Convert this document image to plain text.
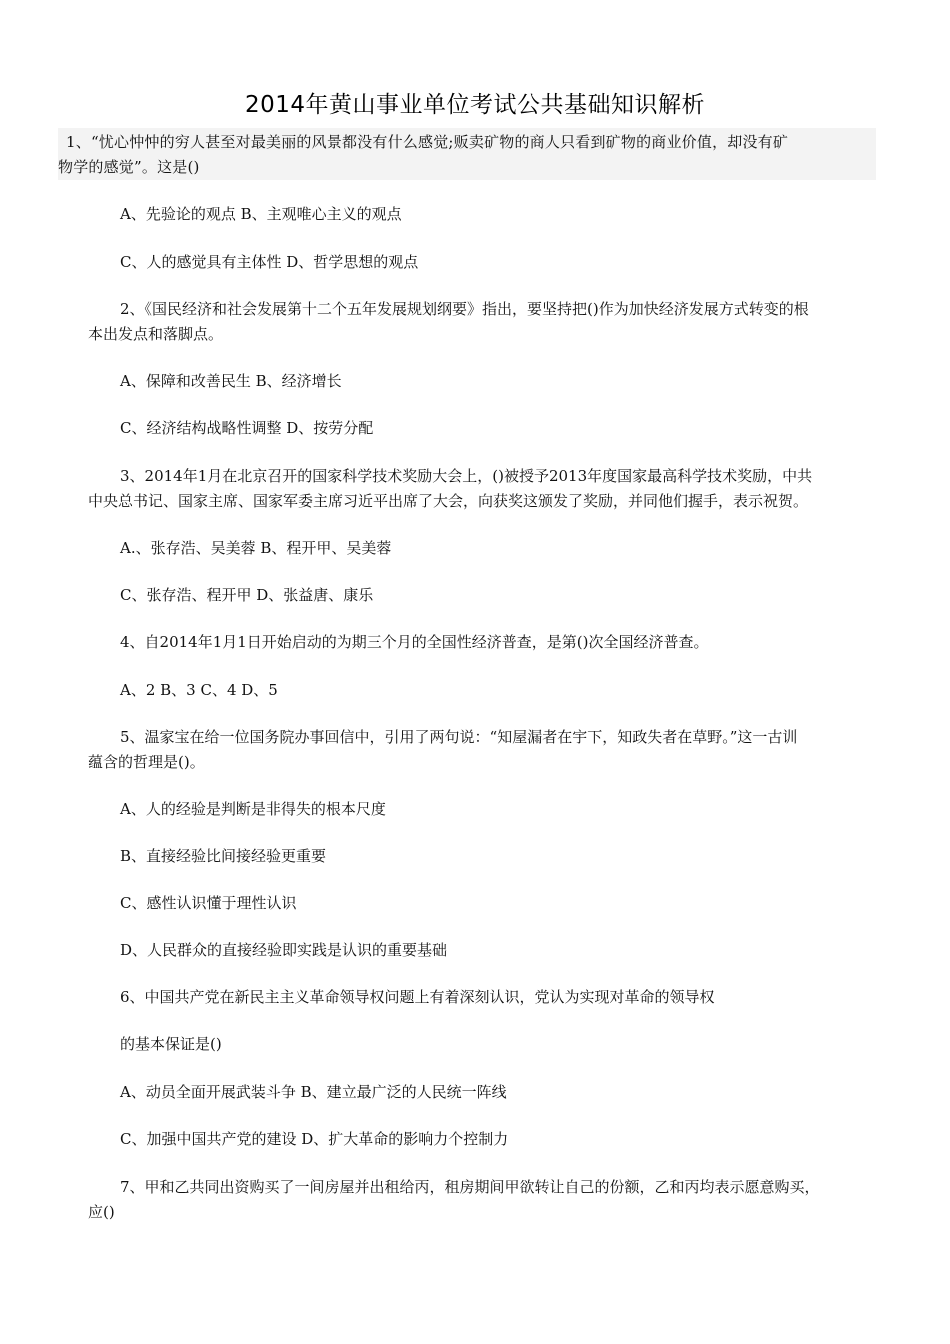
2014年黄山事业单位考试公共基础知识解析
1、“忧心忡忡的穷人甚至对最美丽的风景都没有什么感觉;贩卖矿物的商人只看到矿物的商业价值，却没有矿
物学的感觉”。这是()
A、先验论的观点 B、主观唯心主义的观点
C、人的感觉具有主体性 D、哲学思想的观点
2、《国民经济和社会发展第十二个五年发展规划纲要》指出，要坚持把()作为加快经济发展方式转变的根
本出发点和落脚点。
A、保障和改善民生 B、经济增长
C、经济结构战略性调整 D、按劳分配
3、2014年1月在北京召开的国家科学技术奖励大会上，()被授予2013年度国家最高科学技术奖励，中共
中央总书记、国家主席、国家军委主席习近平出席了大会，向获奖这颁发了奖励，并同他们握手，表示祝贺。
A.、张存浩、吴美蓉 B、程开甲、吴美蓉
C、张存浩、程开甲 D、张益唐、康乐
4、自2014年1月1日开始启动的为期三个月的全国性经济普查，是第()次全国经济普查。
A、2 B、3 C、4 D、5
5、温家宝在给一位国务院办事回信中，引用了两句说：“知屋漏者在宇下，知政失者在草野。”这一古训
蕴含的哲理是()。
A、人的经验是判断是非得失的根本尺度
B、直接经验比间接经验更重要
C、感性认识懂于理性认识
D、人民群众的直接经验即实践是认识的重要基础
6、中国共产党在新民主主义革命领导权问题上有着深刻认识，党认为实现对革命的领导权
的基本保证是()
A、动员全面开展武装斗争 B、建立最广泛的人民统一阵线
C、加强中国共产党的建设 D、扩大革命的影响力个控制力
7、甲和乙共同出资购买了一间房屋并出租给丙，租房期间甲欲转让自己的份额，乙和丙均表示愿意购买，
应()
